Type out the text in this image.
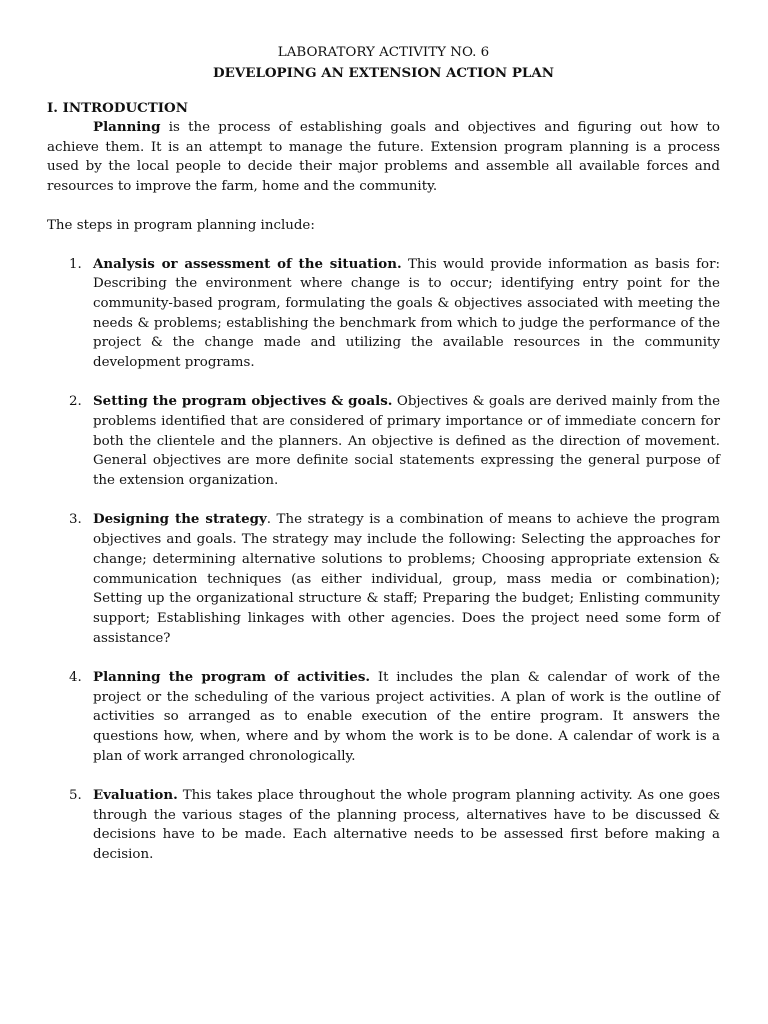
LABORATORY ACTIVITY NO. 6
DEVELOPING AN EXTENSION ACTION PLAN
I. INTRODUCTION

Planning is the process of establishing goals and objectives and figuring out how to achieve them. It is an attempt to manage the future. Extension program planning is a process used by the local people to decide their major problems and assemble all available forces and resources to improve the farm, home and the community.

The steps in program planning include:

1. Analysis or assessment of the situation. This would provide information as basis for: Describing the environment where change is to occur; identifying entry point for the community-based program, formulating the goals & objectives associated with meeting the needs & problems; establishing the benchmark from which to judge the performance of the project & the change made and utilizing the available resources in the community development programs.
2. Setting the program objectives & goals. Objectives & goals are derived mainly from the problems identified that are considered of primary importance or of immediate concern for both the clientele and the planners. An objective is defined as the direction of movement. General objectives are more definite social statements expressing the general purpose of the extension organization.
3. Designing the strategy. The strategy is a combination of means to achieve the program objectives and goals. The strategy may include the following: Selecting the approaches for change; determining alternative solutions to problems; Choosing appropriate extension & communication techniques (as either individual, group, mass media or combination); Setting up the organizational structure & staff; Preparing the budget; Enlisting community support; Establishing linkages with other agencies. Does the project need some form of assistance?
4. Planning the program of activities. It includes the plan & calendar of work of the project or the scheduling of the various project activities. A plan of work is the outline of activities so arranged as to enable execution of the entire program. It answers the questions how, when, where and by whom the work is to be done. A calendar of work is a plan of work arranged chronologically.
5. Evaluation. This takes place throughout the whole program planning activity. As one goes through the various stages of the planning process, alternatives have to be discussed & decisions have to be made. Each alternative needs to be assessed first before making a decision.
